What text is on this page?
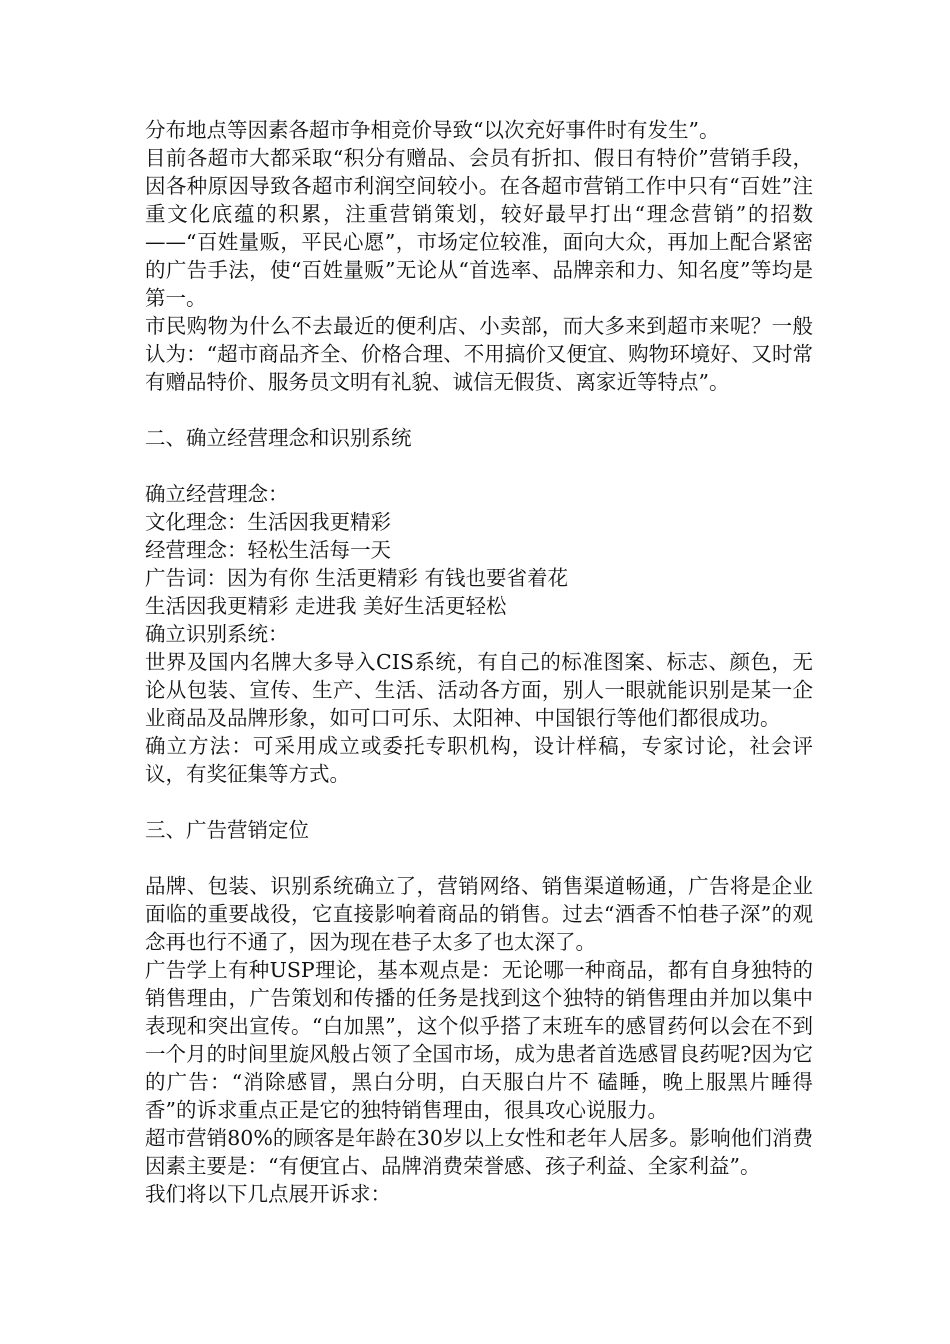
分布地点等因素各超市争相竞价导致“以次充好事件时有发生”。

目前各超市大都采取“积分有赠品、会员有折扣、假日有特价”营销手段，因各种原因导致各超市利润空间较小。在各超市营销工作中只有“百姓”注重文化底蕴的积累，注重营销策划，较好最早打出“理念营销”的招数——“百姓量贩，平民心愿”，市场定位较准，面向大众，再加上配合紧密的广告手法，使“百姓量贩”无论从“首选率、品牌亲和力、知名度”等均是第一。

市民购物为什么不去最近的便利店、小卖部，而大多来到超市来呢？一般认为：“超市商品齐全、价格合理、不用搞价又便宜、购物环境好、又时常有赠品特价、服务员文明有礼貌、诚信无假货、离家近等特点”。

二、确立经营理念和识别系统

确立经营理念：

文化理念：生活因我更精彩

经营理念：轻松生活每一天

广告词：因为有你 生活更精彩 有钱也要省着花

生活因我更精彩 走进我 美好生活更轻松

确立识别系统：

世界及国内名牌大多导入CIS系统，有自己的标准图案、标志、颜色，无论从包装、宣传、生产、生活、活动各方面，别人一眼就能识别是某一企业商品及品牌形象，如可口可乐、太阳神、中国银行等他们都很成功。

确立方法：可采用成立或委托专职机构，设计样稿，专家讨论，社会评议，有奖征集等方式。

三、广告营销定位

品牌、包装、识别系统确立了，营销网络、销售渠道畅通，广告将是企业面临的重要战役，它直接影响着商品的销售。过去“酒香不怕巷子深”的观念再也行不通了，因为现在巷子太多了也太深了。

广告学上有种USP理论，基本观点是：无论哪一种商品，都有自身独特的销售理由，广告策划和传播的任务是找到这个独特的销售理由并加以集中表现和突出宣传。“白加黑”，这个似乎搭了末班车的感冒药何以会在不到一个月的时间里旋风般占领了全国市场，成为患者首选感冒良药呢?因为它的广告：“消除感冒，黑白分明，白天服白片不 磕睡，晚上服黑片睡得香”的诉求重点正是它的独特销售理由，很具攻心说服力。

超市营销80%的顾客是年龄在30岁以上女性和老年人居多。影响他们消费因素主要是：“有便宜占、品牌消费荣誉感、孩子利益、全家利益”。

我们将以下几点展开诉求：
